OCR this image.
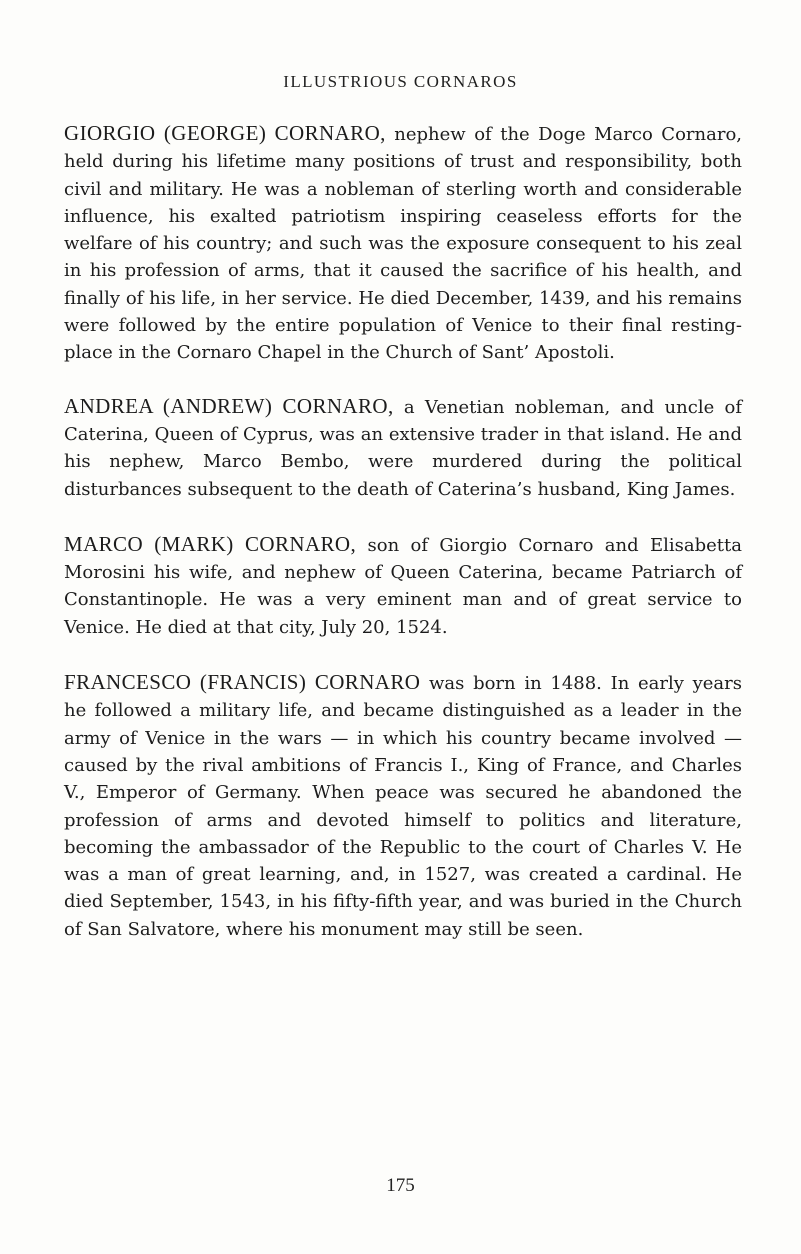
ILLUSTRIOUS CORNAROS

GIORGIO (GEORGE) CORNARO, nephew of the Doge Marco Cornaro, held during his lifetime many positions of trust and responsibility, both civil and military. He was a nobleman of sterling worth and considerable influence, his exalted patriotism inspiring ceaseless efforts for the welfare of his country; and such was the exposure consequent to his zeal in his profession of arms, that it caused the sacrifice of his health, and finally of his life, in her service. He died December, 1439, and his remains were followed by the entire population of Venice to their final resting-place in the Cornaro Chapel in the Church of Sant’ Apostoli.

ANDREA (ANDREW) CORNARO, a Venetian nobleman, and uncle of Caterina, Queen of Cyprus, was an extensive trader in that island. He and his nephew, Marco Bembo, were murdered during the political disturbances subsequent to the death of Caterina’s husband, King James.

MARCO (MARK) CORNARO, son of Giorgio Cornaro and Elisabetta Morosini his wife, and nephew of Queen Caterina, became Patriarch of Constantinople. He was a very eminent man and of great service to Venice. He died at that city, July 20, 1524.

FRANCESCO (FRANCIS) CORNARO was born in 1488. In early years he followed a military life, and became distinguished as a leader in the army of Venice in the wars — in which his country became involved — caused by the rival ambitions of Francis I., King of France, and Charles V., Emperor of Germany. When peace was secured he abandoned the profession of arms and devoted himself to politics and literature, becoming the ambassador of the Republic to the court of Charles V. He was a man of great learning, and, in 1527, was created a cardinal. He died September, 1543, in his fifty-fifth year, and was buried in the Church of San Salvatore, where his monument may still be seen.

175
